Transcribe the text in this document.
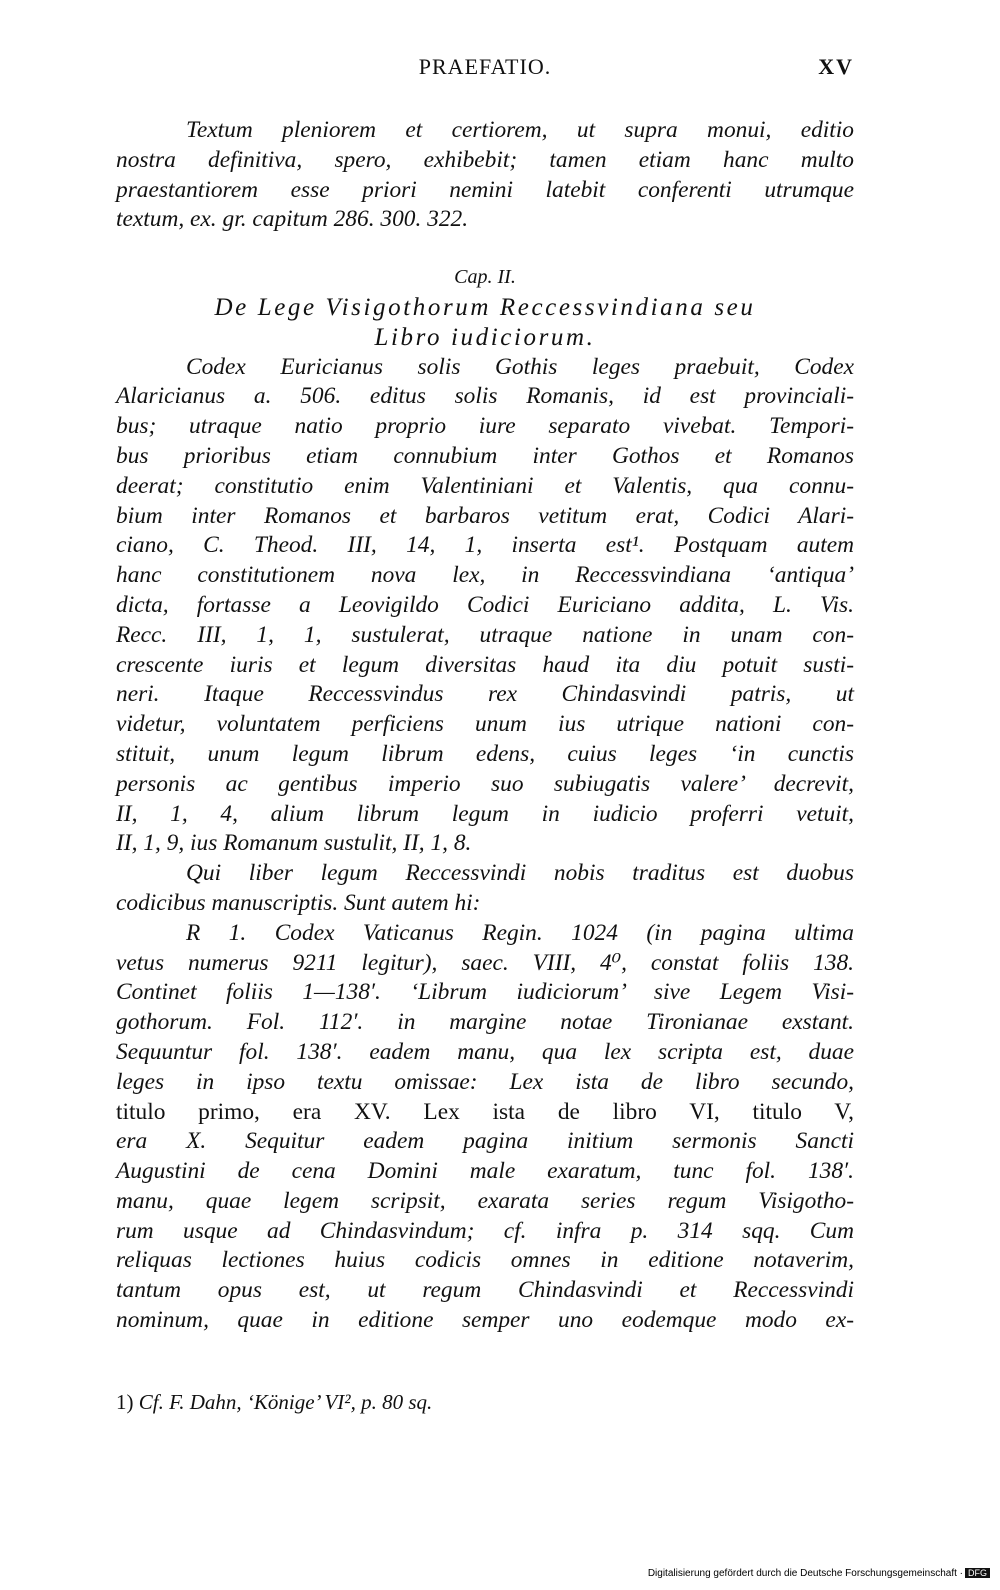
PRAEFATIO.	XV
Textum pleniorem et certiorem, ut supra monui, editio
nostra definitiva, spero, exhibebit; tamen etiam hanc multo
praestantiorem esse priori nemini latebit conferenti utrumque
textum, ex. gr. capitum 286. 300. 322.
Cap. II.
De Lege Visigothorum Reccessvindiana seu
Libro iudiciorum.
Codex Euricianus solis Gothis leges praebuit, Codex
Alaricianus a. 506. editus solis Romanis, id est provinciali-
bus; utraque natio proprio iure separato vivebat. Tempori-
bus prioribus etiam connubium inter Gothos et Romanos
deerat; constitutio enim Valentiniani et Valentis, qua connu-
bium inter Romanos et barbaros vetitum erat, Codici Alari-
ciano, C. Theod. III, 14, 1, inserta est¹. Postquam autem
hanc constitutionem nova lex, in Reccessvindiana ‘antiqua’
dicta, fortasse a Leovigildo Codici Euriciano addita, L. Vis.
Recc. III, 1, 1, sustulerat, utraque natione in unam con-
crescente iuris et legum diversitas haud ita diu potuit susti-
neri. Itaque Reccessvindus rex Chindasvindi patris, ut
videtur, voluntatem perficiens unum ius utrique nationi con-
stituit, unum legum librum edens, cuius leges ‘in cunctis
personis ac gentibus imperio suo subiugatis valere’ decrevit,
II, 1, 4, alium librum legum in iudicio proferri vetuit,
II, 1, 9, ius Romanum sustulit, II, 1, 8.
Qui liber legum Reccessvindi nobis traditus est duobus
codicibus manuscriptis. Sunt autem hi:
R 1. Codex Vaticanus Regin. 1024 (in pagina ultima
vetus numerus 9211 legitur), saec. VIII, 4⁰, constat foliis 138.
Continet foliis 1—138′. ‘Librum iudiciorum’ sive Legem Visi-
gothorum. Fol. 112′. in margine notae Tironianae exstant.
Sequuntur fol. 138′. eadem manu, qua lex scripta est, duae
leges in ipso textu omissae: Lex ista de libro secundo,
titulo primo, era XV. Lex ista de libro VI, titulo V,
era X. Sequitur eadem pagina initium sermonis Sancti
Augustini de cena Domini male exaratum, tunc fol. 138′.
manu, quae legem scripsit, exarata series regum Visigotho-
rum usque ad Chindasvindum; cf. infra p. 314 sqq. Cum
reliquas lectiones huius codicis omnes in editione notaverim,
tantum opus est, ut regum Chindasvindi et Reccessvindi
nominum, quae in editione semper uno eodemque modo ex-
1) Cf. F. Dahn, ‘Könige’ VI², p. 80 sq.
Digitalisierung gefördert durch die Deutsche Forschungsgemeinschaft · DFG
